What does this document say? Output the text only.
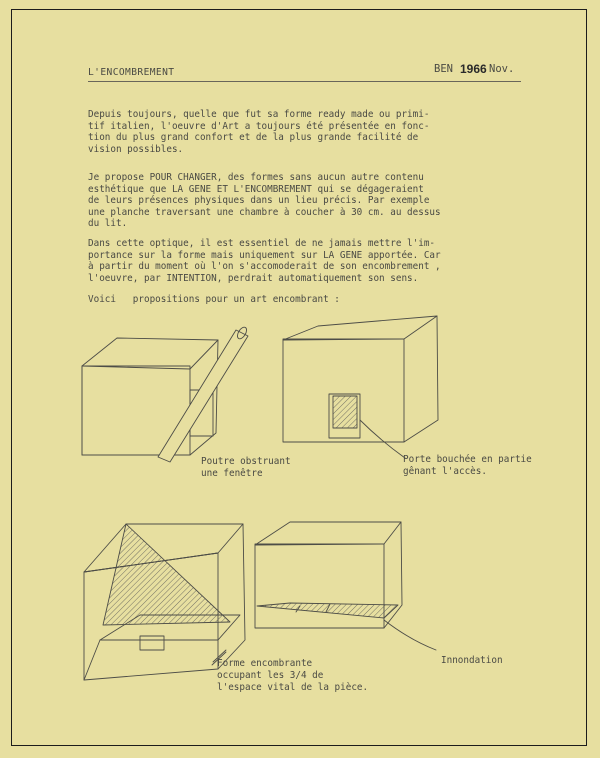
L'ENCOMBREMENT	BEN 1966 Nov.
Depuis toujours, quelle que fut sa forme ready made ou primi-
tif italien, l'oeuvre d'Art a toujours été présentée en fonc-
tion du plus grand confort et de la plus grande facilité de
vision possibles.
Je propose POUR CHANGER, des formes sans aucun autre contenu
esthétique que LA GENE ET L'ENCOMBREMENT qui se dégageraient
de leurs présences physiques dans un lieu précis. Par exemple
une planche traversant une chambre à coucher à 30 cm. au dessus
du lit.
Dans cette optique, il est essentiel de ne jamais mettre l'im-
portance sur la forme mais uniquement sur LA GENE apportée. Car
à partir du moment où l'on s'accomoderait de son encombrement ,
l'oeuvre, par INTENTION, perdrait automatiquement son sens.
Voici   propositions pour un art encombrant :
Poutre obstruant
une fenêtre
Porte bouchée en partie
gênant l'accès.
Forme encombrante
occupant les 3/4 de
l'espace vital de la pièce.
Innondation
